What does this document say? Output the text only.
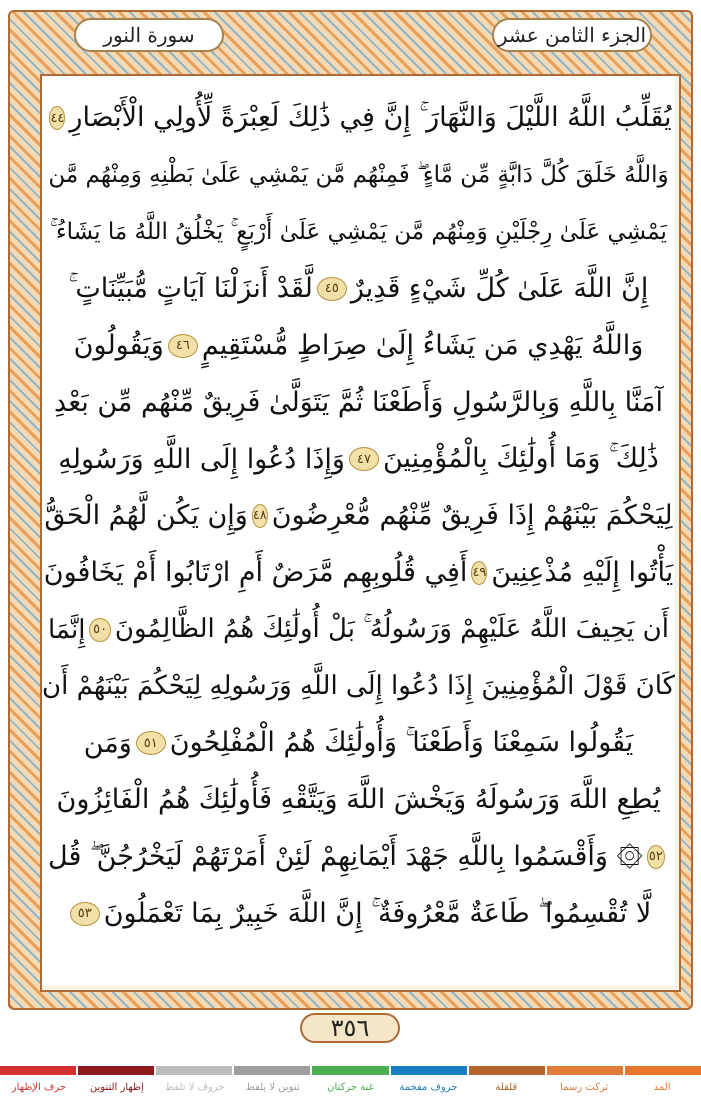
سورة النور	الجزء الثامن عشر
يُقَلِّبُ اللَّهُ اللَّيْلَ وَالنَّهَارَ ۚ إِنَّ فِي ذَٰلِكَ لَعِبْرَةً لِّأُولِي الْأَبْصَارِ
٤٤
وَاللَّهُ خَلَقَ كُلَّ دَابَّةٍ مِّن مَّاءٍ ۖ فَمِنْهُم مَّن يَمْشِي عَلَىٰ بَطْنِهِ وَمِنْهُم مَّن
يَمْشِي عَلَىٰ رِجْلَيْنِ وَمِنْهُم مَّن يَمْشِي عَلَىٰ أَرْبَعٍ ۚ يَخْلُقُ اللَّهُ مَا يَشَاءُ ۚ
إِنَّ اللَّهَ عَلَىٰ كُلِّ شَيْءٍ قَدِيرٌ
٤٥
لَّقَدْ أَنزَلْنَا آيَاتٍ مُّبَيِّنَاتٍ ۚ
وَاللَّهُ يَهْدِي مَن يَشَاءُ إِلَىٰ صِرَاطٍ مُّسْتَقِيمٍ
٤٦
وَيَقُولُونَ
آمَنَّا بِاللَّهِ وَبِالرَّسُولِ وَأَطَعْنَا ثُمَّ يَتَوَلَّىٰ فَرِيقٌ مِّنْهُم مِّن بَعْدِ
ذَٰلِكَ ۚ وَمَا أُولَٰئِكَ بِالْمُؤْمِنِينَ
٤٧
وَإِذَا دُعُوا إِلَى اللَّهِ وَرَسُولِهِ
لِيَحْكُمَ بَيْنَهُمْ إِذَا فَرِيقٌ مِّنْهُم مُّعْرِضُونَ
٤٨
وَإِن يَكُن لَّهُمُ الْحَقُّ
يَأْتُوا إِلَيْهِ مُذْعِنِينَ
٤٩
أَفِي قُلُوبِهِم مَّرَضٌ أَمِ ارْتَابُوا أَمْ يَخَافُونَ
أَن يَحِيفَ اللَّهُ عَلَيْهِمْ وَرَسُولُهُ ۚ بَلْ أُولَٰئِكَ هُمُ الظَّالِمُونَ
٥٠
إِنَّمَا
كَانَ قَوْلَ الْمُؤْمِنِينَ إِذَا دُعُوا إِلَى اللَّهِ وَرَسُولِهِ لِيَحْكُمَ بَيْنَهُمْ أَن
يَقُولُوا سَمِعْنَا وَأَطَعْنَا ۚ وَأُولَٰئِكَ هُمُ الْمُفْلِحُونَ
٥١
وَمَن
يُطِعِ اللَّهَ وَرَسُولَهُ وَيَخْشَ اللَّهَ وَيَتَّقْهِ فَأُولَٰئِكَ هُمُ الْفَائِزُونَ
٥٢
۞ وَأَقْسَمُوا بِاللَّهِ جَهْدَ أَيْمَانِهِمْ لَئِنْ أَمَرْتَهُمْ لَيَخْرُجُنَّ ۖ قُل
لَّا تُقْسِمُوا ۖ طَاعَةٌ مَّعْرُوفَةٌ ۚ إِنَّ اللَّهَ خَبِيرٌ بِمَا تَعْمَلُونَ
٥٣
٣٥٦
المد
تركت رسما
قلقلة
حروف مفخمة
غنة حركتان
تنوين لا يلفظ
حروف لا تلفظ
إظهار التنوين
حرف الإظهار
